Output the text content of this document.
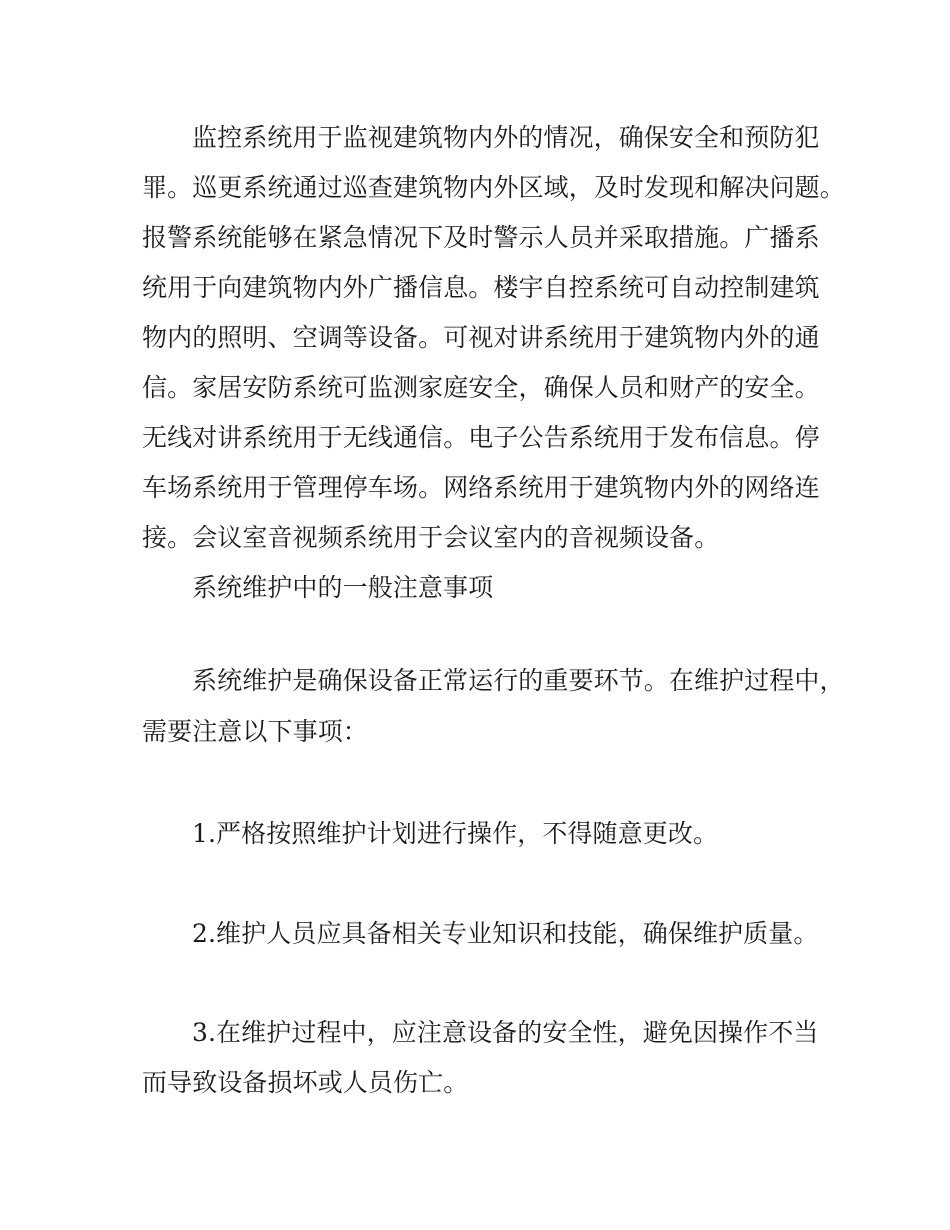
监控系统用于监视建筑物内外的情况，确保安全和预防犯
罪。巡更系统通过巡查建筑物内外区域，及时发现和解决问题。
报警系统能够在紧急情况下及时警示人员并采取措施。广播系
统用于向建筑物内外广播信息。楼宇自控系统可自动控制建筑
物内的照明、空调等设备。可视对讲系统用于建筑物内外的通
信。家居安防系统可监测家庭安全，确保人员和财产的安全。
无线对讲系统用于无线通信。电子公告系统用于发布信息。停
车场系统用于管理停车场。网络系统用于建筑物内外的网络连
接。会议室音视频系统用于会议室内的音视频设备。
系统维护中的一般注意事项
系统维护是确保设备正常运行的重要环节。在维护过程中，
需要注意以下事项：
1.严格按照维护计划进行操作，不得随意更改。
2.维护人员应具备相关专业知识和技能，确保维护质量。
3.在维护过程中，应注意设备的安全性，避免因操作不当
而导致设备损坏或人员伤亡。
